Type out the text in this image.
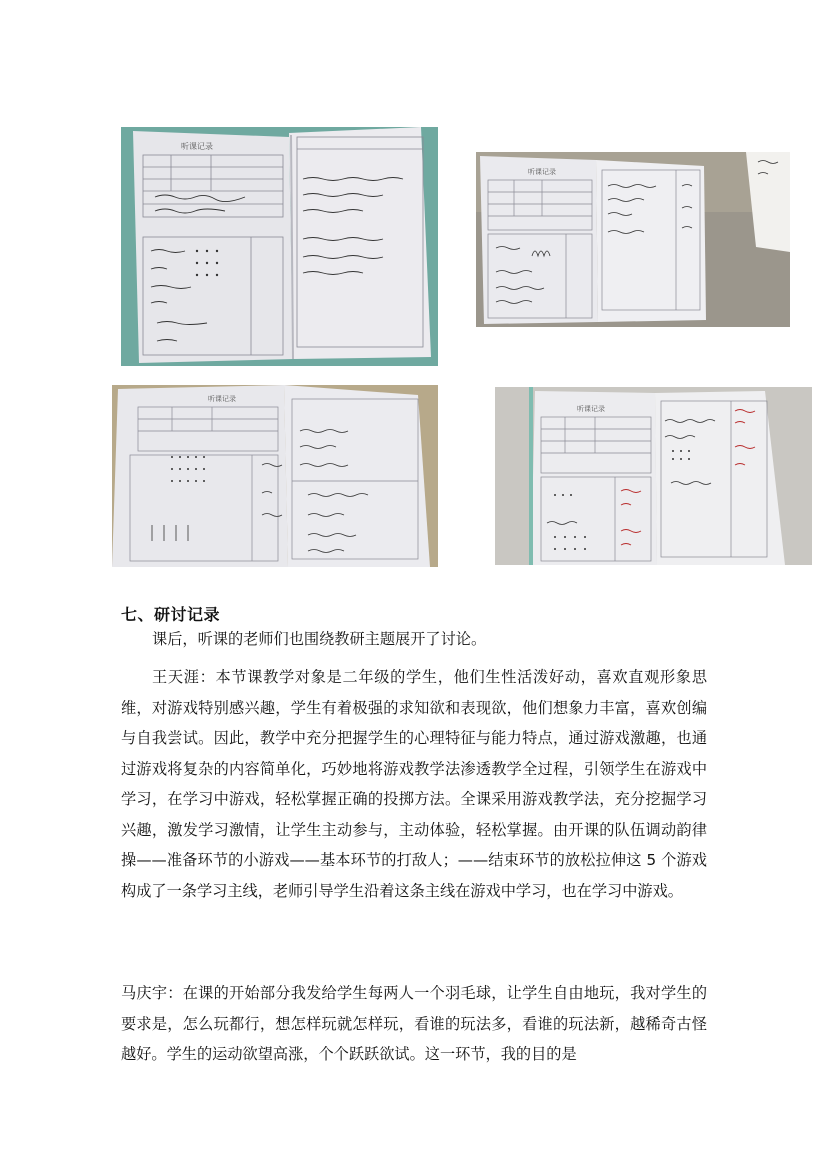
听课记录
听课记录
听课记录
听课记录
七、研讨记录

课后，听课的老师们也围绕教研主题展开了讨论。

王天涯：本节课教学对象是二年级的学生，他们生性活泼好动，喜欢直观形象思维，对游戏特别感兴趣，学生有着极强的求知欲和表现欲，他们想象力丰富，喜欢创编与自我尝试。因此，教学中充分把握学生的心理特征与能力特点，通过游戏激趣，也通过游戏将复杂的内容简单化，巧妙地将游戏教学法渗透教学全过程，引领学生在游戏中学习，在学习中游戏，轻松掌握正确的投掷方法。全课采用游戏教学法，充分挖掘学习兴趣，激发学习激情，让学生主动参与，主动体验，轻松掌握。由开课的队伍调动韵律操——准备环节的小游戏——基本环节的打敌人；——结束环节的放松拉伸这 5 个游戏构成了一条学习主线，老师引导学生沿着这条主线在游戏中学习，也在学习中游戏。

马庆宇：在课的开始部分我发给学生每两人一个羽毛球，让学生自由地玩，我对学生的要求是，怎么玩都行，想怎样玩就怎样玩，看谁的玩法多，看谁的玩法新，越稀奇古怪越好。学生的运动欲望高涨，个个跃跃欲试。这一环节，我的目的是
